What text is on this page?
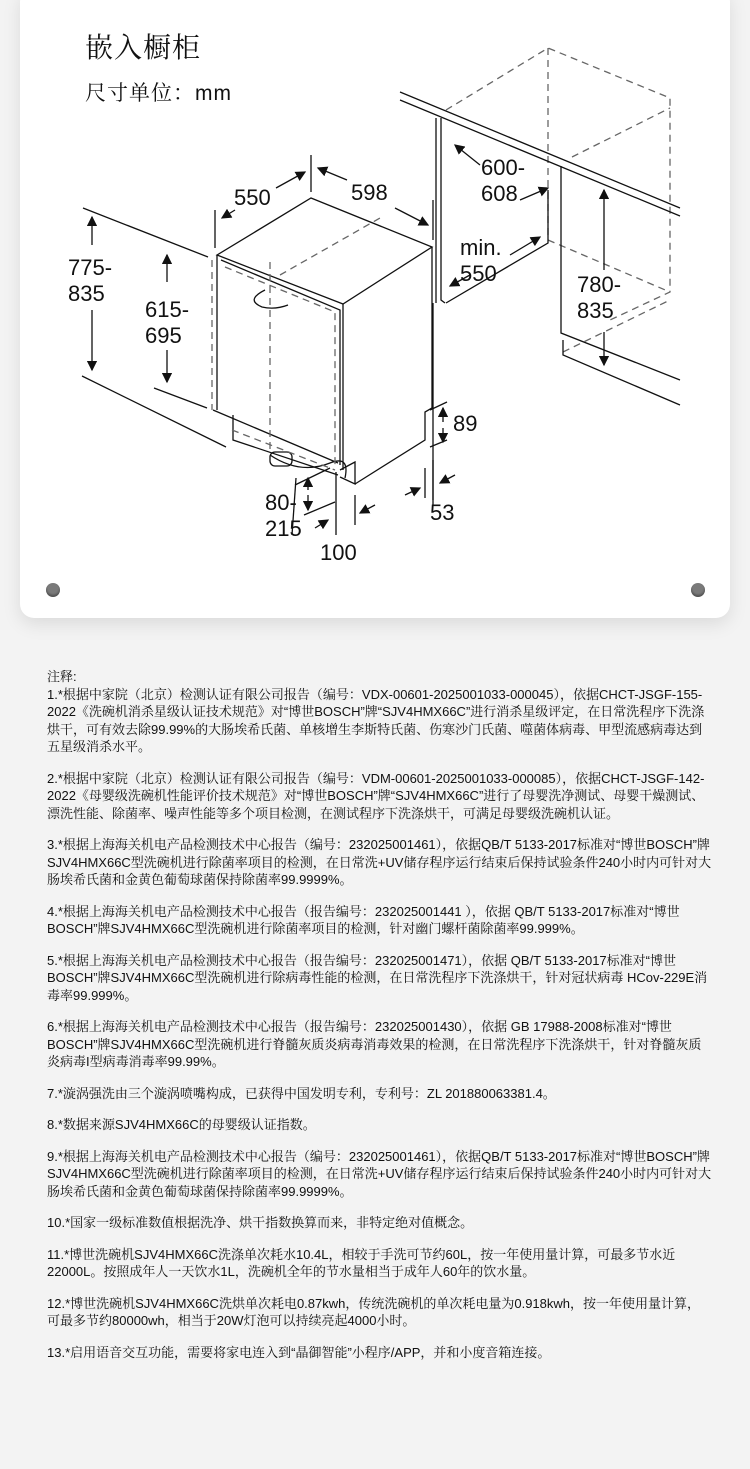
嵌入橱柜
尺寸单位：mm
550	598
775-
835
615-
695
600-
608
min.
550	780-
835
89
53
80-
215
100

注释:

1.*根据中家院（北京）检测认证有限公司报告（编号：VDX-00601-2025001033-000045），依据CHCT-JSGF-155-2022《洗碗机消杀星级认证技术规范》对“博世BOSCH”牌“SJV4HMX66C”进行消杀星级评定，在日常洗程序下洗涤烘干，可有效去除99.99%的大肠埃希氏菌、单核增生李斯特氏菌、伤寒沙门氏菌、噬菌体病毒、甲型流感病毒达到五星级消杀水平。

2.*根据中家院（北京）检测认证有限公司报告（编号：VDM-00601-2025001033-000085），依据CHCT-JSGF-142-2022《母婴级洗碗机性能评价技术规范》对“博世BOSCH”牌“SJV4HMX66C”进行了母婴洗净测试、母婴干燥测试、漂洗性能、除菌率、噪声性能等多个项目检测，在测试程序下洗涤烘干，可满足母婴级洗碗机认证。

3.*根据上海海关机电产品检测技术中心报告（编号：232025001461），依据QB/T 5133-2017标准对“博世BOSCH”牌 SJV4HMX66C型洗碗机进行除菌率项目的检测，在日常洗+UV储存程序运行结束后保持试验条件240小时内可针对大肠埃希氏菌和金黄色葡萄球菌保持除菌率99.9999%。

4.*根据上海海关机电产品检测技术中心报告（报告编号：232025001441 ），依据 QB/T 5133-2017标准对“博世BOSCH”牌SJV4HMX66C型洗碗机进行除菌率项目的检测，针对幽门螺杆菌除菌率99.999%。

5.*根据上海海关机电产品检测技术中心报告（报告编号：232025001471），依据 QB/T 5133-2017标准对“博世BOSCH”牌SJV4HMX66C型洗碗机进行除病毒性能的检测，在日常洗程序下洗涤烘干，针对冠状病毒 HCov-229E消毒率99.999%。

6.*根据上海海关机电产品检测技术中心报告（报告编号：232025001430），依据 GB 17988-2008标准对“博世BOSCH”牌SJV4HMX66C型洗碗机进行脊髓灰质炎病毒消毒效果的检测，在日常洗程序下洗涤烘干，针对脊髓灰质炎病毒I型病毒消毒率99.99%。

7.*漩涡强洗由三个漩涡喷嘴构成，已获得中国发明专利，专利号：ZL 201880063381.4。

8.*数据来源SJV4HMX66C的母婴级认证指数。

9.*根据上海海关机电产品检测技术中心报告（编号：232025001461），依据QB/T 5133-2017标准对“博世BOSCH”牌 SJV4HMX66C型洗碗机进行除菌率项目的检测，在日常洗+UV储存程序运行结束后保持试验条件240小时内可针对大肠埃希氏菌和金黄色葡萄球菌保持除菌率99.9999%。

10.*国家一级标准数值根据洗净、烘干指数换算而来，非特定绝对值概念。

11.*博世洗碗机SJV4HMX66C洗涤单次耗水10.4L，相较于手洗可节约60L，按一年使用量计算，可最多节水近22000L。按照成年人一天饮水1L，洗碗机全年的节水量相当于成年人60年的饮水量。

12.*博世洗碗机SJV4HMX66C洗烘单次耗电0.87kwh，传统洗碗机的单次耗电量为0.918kwh，按一年使用量计算，可最多节约80000wh，相当于20W灯泡可以持续亮起4000小时。

13.*启用语音交互功能，需要将家电连入到“晶御智能”小程序/APP，并和小度音箱连接。
